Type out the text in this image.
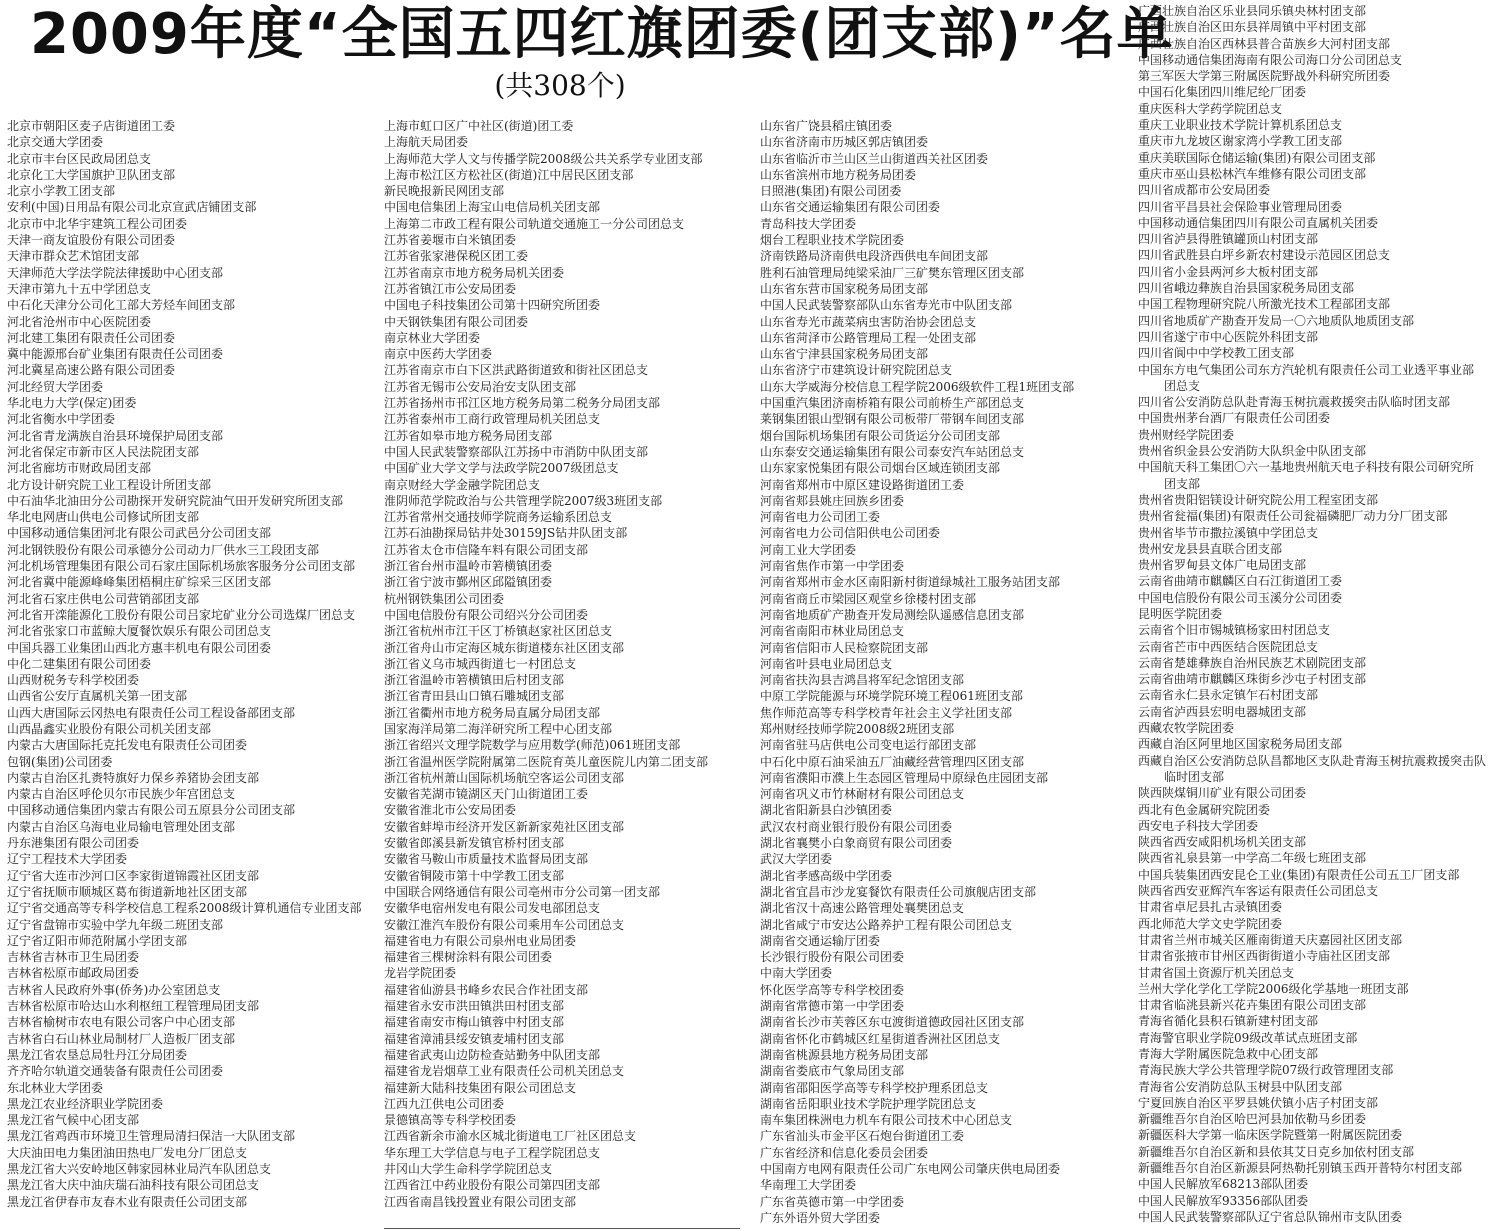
2009年度“全国五四红旗团委(团支部)”名单
(共308个)
北京市朝阳区麦子店街道团工委
北京交通大学团委
北京市丰台区民政局团总支
北京化工大学国旗护卫队团支部
北京小学教工团支部
安利(中国)日用品有限公司北京宣武店铺团支部
北京市中北华宇建筑工程公司团委
天津一商友谊股份有限公司团委
天津市群众艺术馆团支部
天津师范大学法学院法律援助中心团支部
天津市第九十五中学团总支
中石化天津分公司化工部大芳烃车间团支部
河北省沧州市中心医院团委
河北建工集团有限责任公司团委
冀中能源邢台矿业集团有限责任公司团委
河北冀星高速公路有限公司团委
河北经贸大学团委
华北电力大学(保定)团委
河北省衡水中学团委
河北省青龙满族自治县环境保护局团支部
河北省保定市新市区人民法院团支部
河北省廊坊市财政局团支部
北方设计研究院工业工程设计所团支部
中石油华北油田分公司勘探开发研究院油气田开发研究所团支部
华北电网唐山供电公司修试所团支部
中国移动通信集团河北有限公司武邑分公司团支部
河北钢铁股份有限公司承德分公司动力厂供水三工段团支部
河北机场管理集团有限公司石家庄国际机场旅客服务分公司团支部
河北省冀中能源峰峰集团梧桐庄矿综采三区团支部
河北省石家庄供电公司营销部团支部
河北省开滦能源化工股份有限公司吕家坨矿业分公司选煤厂团总支
河北省张家口市蓝鲸大厦餐饮娱乐有限公司团总支
中国兵器工业集团山西北方惠丰机电有限公司团委
中化二建集团有限公司团委
山西财税务专科学校团委
山西省公安厅直属机关第一团支部
山西大唐国际云冈热电有限责任公司工程设备部团支部
山西晶鑫实业股份有限公司机关团支部
内蒙古大唐国际托克托发电有限责任公司团委
包钢(集团)公司团委
内蒙古自治区扎赉特旗好力保乡养猪协会团支部
内蒙古自治区呼伦贝尔市民族少年宫团总支
中国移动通信集团内蒙古有限公司五原县分公司团支部
内蒙古自治区乌海电业局输电管理处团支部
丹东港集团有限公司团委
辽宁工程技术大学团委
辽宁省大连市沙河口区李家街道锦霞社区团支部
辽宁省抚顺市顺城区葛布街道新地社区团支部
辽宁省交通高等专科学校信息工程系2008级计算机通信专业团支部
辽宁省盘锦市实验中学九年级二班团支部
辽宁省辽阳市师范附属小学团支部
吉林省吉林市卫生局团委
吉林省松原市邮政局团委
吉林省人民政府外事(侨务)办公室团总支
吉林省松原市哈达山水利枢纽工程管理局团支部
吉林省榆树市农电有限公司客户中心团支部
吉林省白石山林业局制材厂人造板厂团支部
黑龙江省农垦总局牡丹江分局团委
齐齐哈尔轨道交通装备有限责任公司团委
东北林业大学团委
黑龙江农业经济职业学院团委
黑龙江省气候中心团支部
黑龙江省鸡西市环境卫生管理局清扫保洁一大队团支部
大庆油田电力集团油田热电厂发电分厂团总支
黑龙江省大兴安岭地区韩家园林业局汽车队团总支
黑龙江省大庆中油庆瑞石油科技有限公司团总支
黑龙江省伊春市友春木业有限责任公司团支部
上海市虹口区广中社区(街道)团工委
上海航天局团委
上海师范大学人文与传播学院2008级公共关系学专业团支部
上海市松江区方松社区(街道)江中居民区团支部
新民晚报新民网团支部
中国电信集团上海宝山电信局机关团支部
上海第二市政工程有限公司轨道交通施工一分公司团总支
江苏省姜堰市白米镇团委
江苏省张家港保税区团工委
江苏省南京市地方税务局机关团委
江苏省镇江市公安局团委
中国电子科技集团公司第十四研究所团委
中天钢铁集团有限公司团委
南京林业大学团委
南京中医药大学团委
江苏省南京市白下区洪武路街道致和街社区团总支
江苏省无锡市公安局治安支队团支部
江苏省扬州市邗江区地方税务局第二税务分局团支部
江苏省泰州市工商行政管理局机关团总支
江苏省如皋市地方税务局团支部
中国人民武装警察部队江苏扬中市消防中队团支部
中国矿业大学文学与法政学院2007级团总支
南京财经大学金融学院团总支
淮阴师范学院政治与公共管理学院2007级3班团支部
江苏省常州交通技师学院商务运输系团总支
江苏石油勘探局钻井处30159JS钻井队团支部
江苏省太仓市信隆车料有限公司团支部
浙江省台州市温岭市箬横镇团委
浙江省宁波市鄞州区邱隘镇团委
杭州钢铁集团公司团委
中国电信股份有限公司绍兴分公司团委
浙江省杭州市江干区丁桥镇赵家社区团总支
浙江省舟山市定海区城东街道楼东社区团支部
浙江省义乌市城西街道七一村团总支
浙江省温岭市箬横镇田后村团支部
浙江省青田县山口镇石雕城团支部
浙江省衢州市地方税务局直属分局团支部
国家海洋局第二海洋研究所工程中心团支部
浙江省绍兴文理学院数学与应用数学(师范)061班团支部
浙江省温州医学院附属第二医院育英儿童医院儿内第二团支部
浙江省杭州萧山国际机场航空客运公司团支部
安徽省芜湖市镜湖区天门山街道团工委
安徽省淮北市公安局团委
安徽省蚌埠市经济开发区新新家苑社区团支部
安徽省郎溪县新发镇官桥村团支部
安徽省马鞍山市质量技术监督局团支部
安徽省铜陵市第十中学教工团支部
中国联合网络通信有限公司亳州市分公司第一团支部
安徽华电宿州发电有限公司发电部团总支
安徽江淮汽车股份有限公司乘用车公司团总支
福建省电力有限公司泉州电业局团委
福建省三棵树涂料有限公司团委
龙岩学院团委
福建省仙游县书峰乡农民合作社团支部
福建省永安市洪田镇洪田村团支部
福建省南安市梅山镇蓉中村团支部
福建省漳浦县绥安镇麦埔村团支部
福建省武夷山边防检查站勤务中队团支部
福建省龙岩烟草工业有限责任公司机关团总支
福建新大陆科技集团有限公司团总支
江西九江供电公司团委
景德镇高等专科学校团委
江西省新余市渝水区城北街道电工厂社区团总支
华东理工大学信息与电子工程学院团总支
井冈山大学生命科学学院团总支
江西省江中药业股份有限公司第四团支部
江西省南昌钱投置业有限公司团支部
山东省广饶县稻庄镇团委
山东省济南市历城区郭店镇团委
山东省临沂市兰山区兰山街道西关社区团委
山东省滨州市地方税务局团委
日照港(集团)有限公司团委
山东省交通运输集团有限公司团委
青岛科技大学团委
烟台工程职业技术学院团委
济南铁路局济南供电段济西供电车间团支部
胜利石油管理局纯梁采油厂三矿樊东管理区团支部
山东省东营市国家税务局团支部
中国人民武装警察部队山东省寿光市中队团支部
山东省寿光市蔬菜病虫害防治协会团总支
山东省菏泽市公路管理局工程一处团支部
山东省宁津县国家税务局团支部
山东省济宁市建筑设计研究院团总支
山东大学威海分校信息工程学院2006级软件工程1班团支部
中国重汽集团济南桥箱有限公司前桥生产部团总支
莱钢集团银山型钢有限公司板带厂带钢车间团支部
烟台国际机场集团有限公司货运分公司团支部
山东泰安交通运输集团有限公司泰安汽车站团总支
山东家家悦集团有限公司烟台区域连锁团支部
河南省郑州市中原区建设路街道团工委
河南省郏县姚庄回族乡团委
河南省电力公司团工委
河南省电力公司信阳供电公司团委
河南工业大学团委
河南省焦作市第一中学团委
河南省郑州市金水区南阳新村街道绿城社工服务站团支部
河南省商丘市梁园区观堂乡徐楼村团支部
河南省地质矿产勘查开发局测绘队遥感信息团支部
河南省南阳市林业局团总支
河南省信阳市人民检察院团支部
河南省叶县电业局团总支
河南省扶沟县吉鸿昌将军纪念馆团支部
中原工学院能源与环境学院环境工程061班团支部
焦作师范高等专科学校青年社会主义学社团支部
郑州财经技师学院2008级2班团支部
河南省驻马店供电公司变电运行部团支部
中石化中原石油采油五厂油藏经营管理四区团支部
河南省濮阳市濮上生态园区管理局中原绿色庄园团支部
河南省巩义市竹林耐材有限公司团总支
湖北省阳新县白沙镇团委
武汉农村商业银行股份有限公司团委
湖北省襄樊小白象商贸有限公司团委
武汉大学团委
湖北省孝感高级中学团委
湖北省宜昌市沙龙宴餐饮有限责任公司旗舰店团支部
湖北省汉十高速公路管理处襄樊团总支
湖北省咸宁市安达公路养护工程有限公司团总支
湖南省交通运输厅团委
长沙银行股份有限公司团委
中南大学团委
怀化医学高等专科学校团委
湖南省常德市第一中学团委
湖南省长沙市芙蓉区东屯渡街道德政园社区团支部
湖南省怀化市鹤城区红星街道香洲社区团总支
湖南省桃源县地方税务局团支部
湖南省娄底市气象局团支部
湖南省邵阳医学高等专科学校护理系团总支
湖南省岳阳职业技术学院护理学院团总支
南车集团株洲电力机车有限公司技术中心团总支
广东省汕头市金平区石炮台街道团工委
广东省经济和信息化委员会团委
中国南方电网有限责任公司广东电网公司肇庆供电局团委
华南理工大学团委
广东省英德市第一中学团委
广东外语外贸大学团委
广西壮族自治区乐业县同乐镇央林村团支部
广西壮族自治区田东县祥周镇中平村团支部
广西壮族自治区西林县普合苗族乡大河村团支部
中国移动通信集团海南有限公司海口分公司团总支
第三军医大学第三附属医院野战外科研究所团委
中国石化集团四川维尼纶厂团委
重庆医科大学药学院团总支
重庆工业职业技术学院计算机系团总支
重庆市九龙坡区谢家湾小学教工团支部
重庆美联国际仓储运输(集团)有限公司团支部
重庆市巫山县松林汽车维修有限公司团支部
四川省成都市公安局团委
四川省平昌县社会保险事业管理局团委
中国移动通信集团四川有限公司直属机关团委
四川省泸县得胜镇罐顶山村团支部
四川省武胜县白坪乡新农村建设示范园区团总支
四川省小金县两河乡大板村团支部
四川省峨边彝族自治县国家税务局团支部
中国工程物理研究院八所激光技术工程部团支部
四川省地质矿产勘查开发局一〇六地质队地质团支部
四川省遂宁市中心医院外科团支部
四川省阆中中学校教工团支部
中国东方电气集团公司东方汽轮机有限责任公司工业透平事业部
团总支
四川省公安消防总队赴青海玉树抗震救援突击队临时团支部
中国贵州茅台酒厂有限责任公司团委
贵州财经学院团委
贵州省织金县公安消防大队织金中队团支部
中国航天科工集团〇六一基地贵州航天电子科技有限公司研究所
团支部
贵州省贵阳铝镁设计研究院公用工程室团支部
贵州省瓮福(集团)有限责任公司瓮福磷肥厂动力分厂团支部
贵州省毕节市撒拉溪镇中学团总支
贵州安龙县县直联合团支部
贵州省罗甸县文体广电局团支部
云南省曲靖市麒麟区白石江街道团工委
中国电信股份有限公司玉溪分公司团委
昆明医学院团委
云南省个旧市锡城镇杨家田村团总支
云南省芒市中西医结合医院团总支
云南省楚雄彝族自治州民族艺术剧院团支部
云南省曲靖市麒麟区珠街乡沙屯子村团支部
云南省永仁县永定镇乍石村团支部
云南省泸西县宏明电器城团支部
西藏农牧学院团委
西藏自治区阿里地区国家税务局团支部
西藏自治区公安消防总队昌都地区支队赴青海玉树抗震救援突击队
临时团支部
陕西陕煤铜川矿业有限公司团委
西北有色金属研究院团委
西安电子科技大学团委
陕西省西安咸阳机场机关团支部
陕西省礼泉县第一中学高二年级七班团支部
中国兵装集团西安昆仑工业(集团)有限责任公司五工厂团支部
陕西省西安亚辉汽车客运有限责任公司团总支
甘肃省卓尼县扎古录镇团委
西北师范大学文史学院团委
甘肃省兰州市城关区雁南街道天庆嘉园社区团支部
甘肃省张掖市甘州区西街街道小寺庙社区团支部
甘肃省国土资源厅机关团总支
兰州大学化学化工学院2006级化学基地一班团支部
甘肃省临洮县新兴花卉集团有限公司团支部
青海省循化县积石镇新建村团支部
青海警官职业学院09级改革试点班团支部
青海大学附属医院急救中心团支部
青海民族大学公共管理学院07级行政管理团支部
青海省公安消防总队玉树县中队团支部
宁夏回族自治区平罗县姚伏镇小店子村团支部
新疆维吾尔自治区哈巴河县加依勒马乡团委
新疆医科大学第一临床医学院暨第一附属医院团委
新疆维吾尔自治区新和县依其艾日克乡加依村团支部
新疆维吾尔自治区新源县阿热勒托别镇玉西开普特尔村团支部
中国人民解放军68213部队团委
中国人民解放军93356部队团委
中国人民武装警察部队辽宁省总队锦州市支队团委
